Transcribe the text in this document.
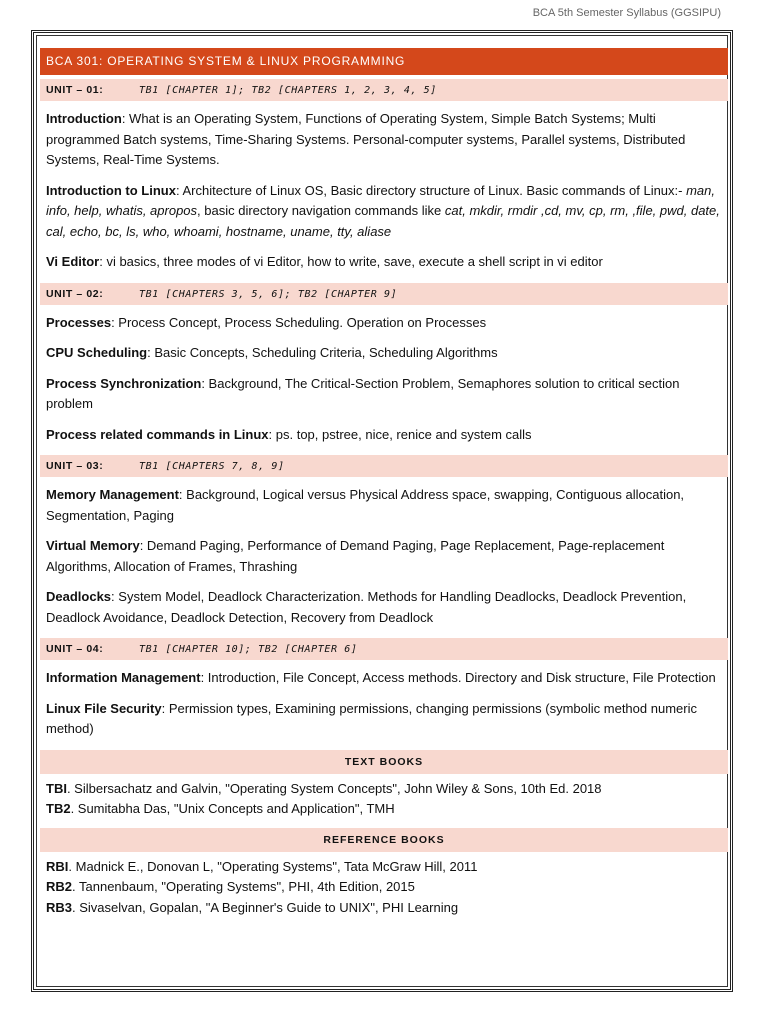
BCA 5th Semester Syllabus (GGSIPU)
BCA 301: OPERATING SYSTEM & LINUX PROGRAMMING
UNIT – 01:	TB1 [CHAPTER 1]; TB2 [CHAPTERS 1, 2, 3, 4, 5]
Introduction: What is an Operating System, Functions of Operating System, Simple Batch Systems; Multi programmed Batch systems, Time-Sharing Systems. Personal-computer systems, Parallel systems, Distributed Systems, Real-Time Systems.
Introduction to Linux: Architecture of Linux OS, Basic directory structure of Linux. Basic commands of Linux:- man, info, help, whatis, apropos, basic directory navigation commands like cat, mkdir, rmdir ,cd, mv, cp, rm, ,file, pwd, date, cal, echo, bc, ls, who, whoami, hostname, uname, tty, aliase
Vi Editor: vi basics, three modes of vi Editor, how to write, save, execute a shell script in vi editor
UNIT – 02:	TB1 [CHAPTERS 3, 5, 6]; TB2 [CHAPTER 9]
Processes: Process Concept, Process Scheduling. Operation on Processes
CPU Scheduling: Basic Concepts, Scheduling Criteria, Scheduling Algorithms
Process Synchronization: Background, The Critical-Section Problem, Semaphores solution to critical section problem
Process related commands in Linux: ps. top, pstree, nice, renice and system calls
UNIT – 03:	TB1 [CHAPTERS 7, 8, 9]
Memory Management: Background, Logical versus Physical Address space, swapping, Contiguous allocation, Segmentation, Paging
Virtual Memory: Demand Paging, Performance of Demand Paging, Page Replacement, Page-replacement Algorithms, Allocation of Frames, Thrashing
Deadlocks: System Model, Deadlock Characterization. Methods for Handling Deadlocks, Deadlock Prevention, Deadlock Avoidance, Deadlock Detection, Recovery from Deadlock
UNIT – 04:	TB1 [CHAPTER 10]; TB2 [CHAPTER 6]
Information Management: Introduction, File Concept, Access methods. Directory and Disk structure, File Protection
Linux File Security: Permission types, Examining permissions, changing permissions (symbolic method numeric method)
TEXT BOOKS
TBI. Silbersachatz and Galvin, "Operating System Concepts", John Wiley & Sons, 10th Ed. 2018
TB2. Sumitabha Das, "Unix Concepts and Application", TMH
REFERENCE BOOKS
RBI. Madnick E., Donovan L, "Operating Systems", Tata McGraw Hill, 2011
RB2. Tannenbaum, "Operating Systems", PHI, 4th Edition, 2015
RB3. Sivaselvan, Gopalan, "A Beginner's Guide to UNIX", PHI Learning
